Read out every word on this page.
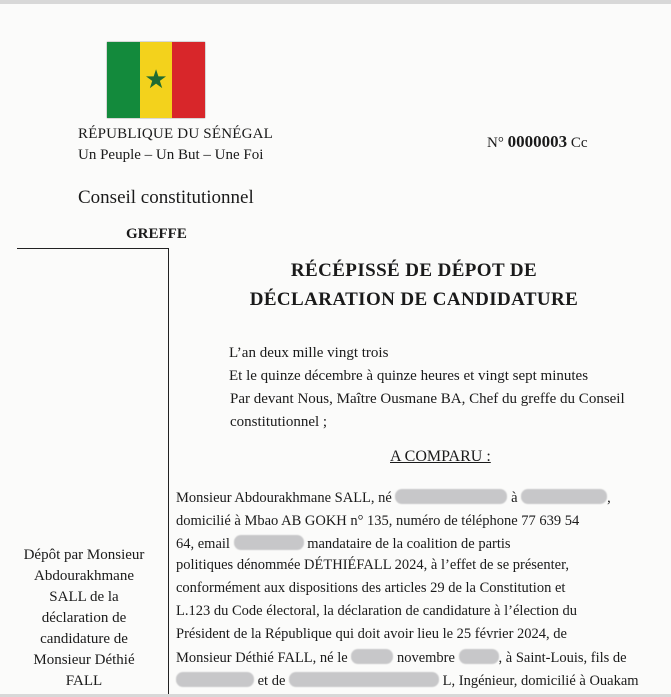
★
RÉPUBLIQUE DU SÉNÉGAL
Un Peuple – Un But – Une Foi
N° 0000003 Cc
Conseil constitutionnel
GREFFE
RÉCÉPISSÉ DE DÉPOT DE
DÉCLARATION DE CANDIDATURE
L’an deux mille vingt trois
Et le quinze décembre à quinze heures et vingt sept minutes
Par devant Nous, Maître Ousmane BA, Chef du greffe du Conseil
constitutionnel ;
A COMPARU :
Dépôt par Monsieur
Abdourakhmane
SALL de la
déclaration de
candidature de
Monsieur Déthié
FALL
Monsieur Abdourakhmane SALL, né	à	,
domicilié à Mbao AB GOKH n° 135, numéro de téléphone 77 639 54
64, email	mandataire de la coalition de partis
politiques dénommée DÉTHIÉFALL 2024, à l’effet de se présenter,
conformément aux dispositions des articles 29 de la Constitution et
L.123 du Code électoral, la déclaration de candidature à l’élection du
Président de la République qui doit avoir lieu le 25 février 2024, de
Monsieur Déthié FALL, né le	novembre	, à Saint-Louis, fils de
et de	L, Ingénieur, domicilié à Ouakam
